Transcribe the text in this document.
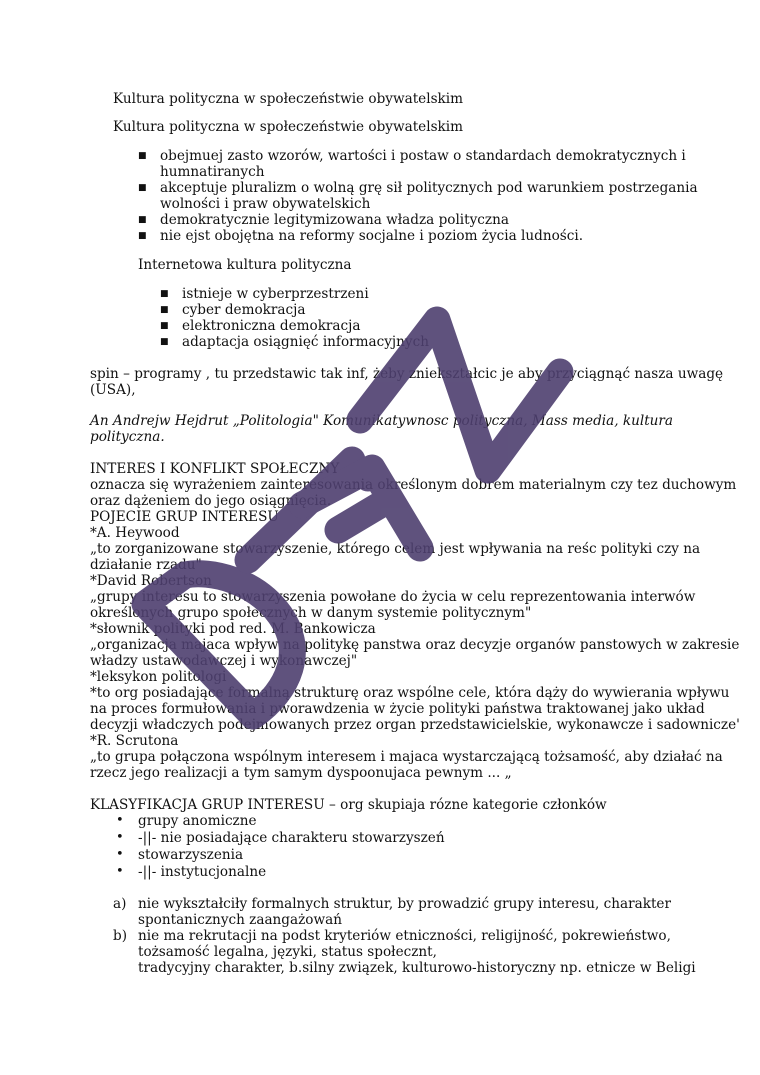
Kultura polityczna w społeczeństwie obywatelskim
Kultura polityczna w społeczeństwie obywatelskim
■ obejmuej zasto wzorów, wartości i postaw o standardach demokratycznych i
humnatiranych
■ akceptuje pluralizm o wolną grę sił politycznych pod warunkiem postrzegania
wolności i praw obywatelskich
■ demokratycznie legitymizowana władza polityczna
■ nie ejst obojętna na reformy socjalne i poziom życia ludności.
Internetowa kultura polityczna
■ istnieje w cyberprzestrzeni
■ cyber demokracja
■ elektroniczna demokracja
■ adaptacja osiągnięć informacyjnych
spin – programy , tu przedstawic tak inf, żeby zniekształcic je aby przyciągnąć nasza uwagę
(USA),
An Andrejw Hejdrut „Politologia" Komunikatywnosc polityczna, Mass media, kultura
polityczna.
INTERES I KONFLIKT SPOŁECZNY
oznacza się wyrażeniem zainteresowania określonym dobrem materialnym czy tez duchowym
oraz dążeniem do jego osiągnięcia.
POJECIE GRUP INTERESU
*A. Heywood
„to zorganizowane stowarzyszenie, którego celem jest wpływania na reśc polityki czy na
działanie rzadu"
*David Robertson
„grupy interesu to stowarzyszenia powołane do życia w celu reprezentowania interwów
określonych grupo społecznych w danym systemie politycznym"
*słownik polityki pod red. M. Bankowicza
„organizacja majaca wpływ na politykę panstwa oraz decyzje organów panstowych w zakresie
władzy ustawodawczej i wykonawczej"
*leksykon politologi
*to org posiadające formalną strukturę oraz wspólne cele, która dąży do wywierania wpływu
na proces formułowania i pworawdzenia w życie polityki państwa traktowanej jako układ
decyzji władczych podejmowanych przez organ przedstawicielskie, wykonawcze i sadownicze'
*R. Scrutona
„to grupa połączona wspólnym interesem i majaca wystarczającą tożsamość, aby działać na
rzecz jego realizacji a tym samym dyspoonujaca pewnym ... „
KLASYFIKACJA GRUP INTERESU – org skupiaja rózne kategorie członków
• grupy anomiczne
• -||- nie posiadające charakteru stowarzyszeń
• stowarzyszenia
• -||- instytucjonalne
a) nie wykształciły formalnych struktur, by prowadzić grupy interesu, charakter
spontanicznych zaangażowań
b) nie ma rekrutacji na podst kryteriów etniczności, religijność, pokrewieństwo,
tożsamość legalna, języki, status społecznt,
tradycyjny charakter, b.silny związek, kulturowo-historyczny np. etnicze w Beligi
